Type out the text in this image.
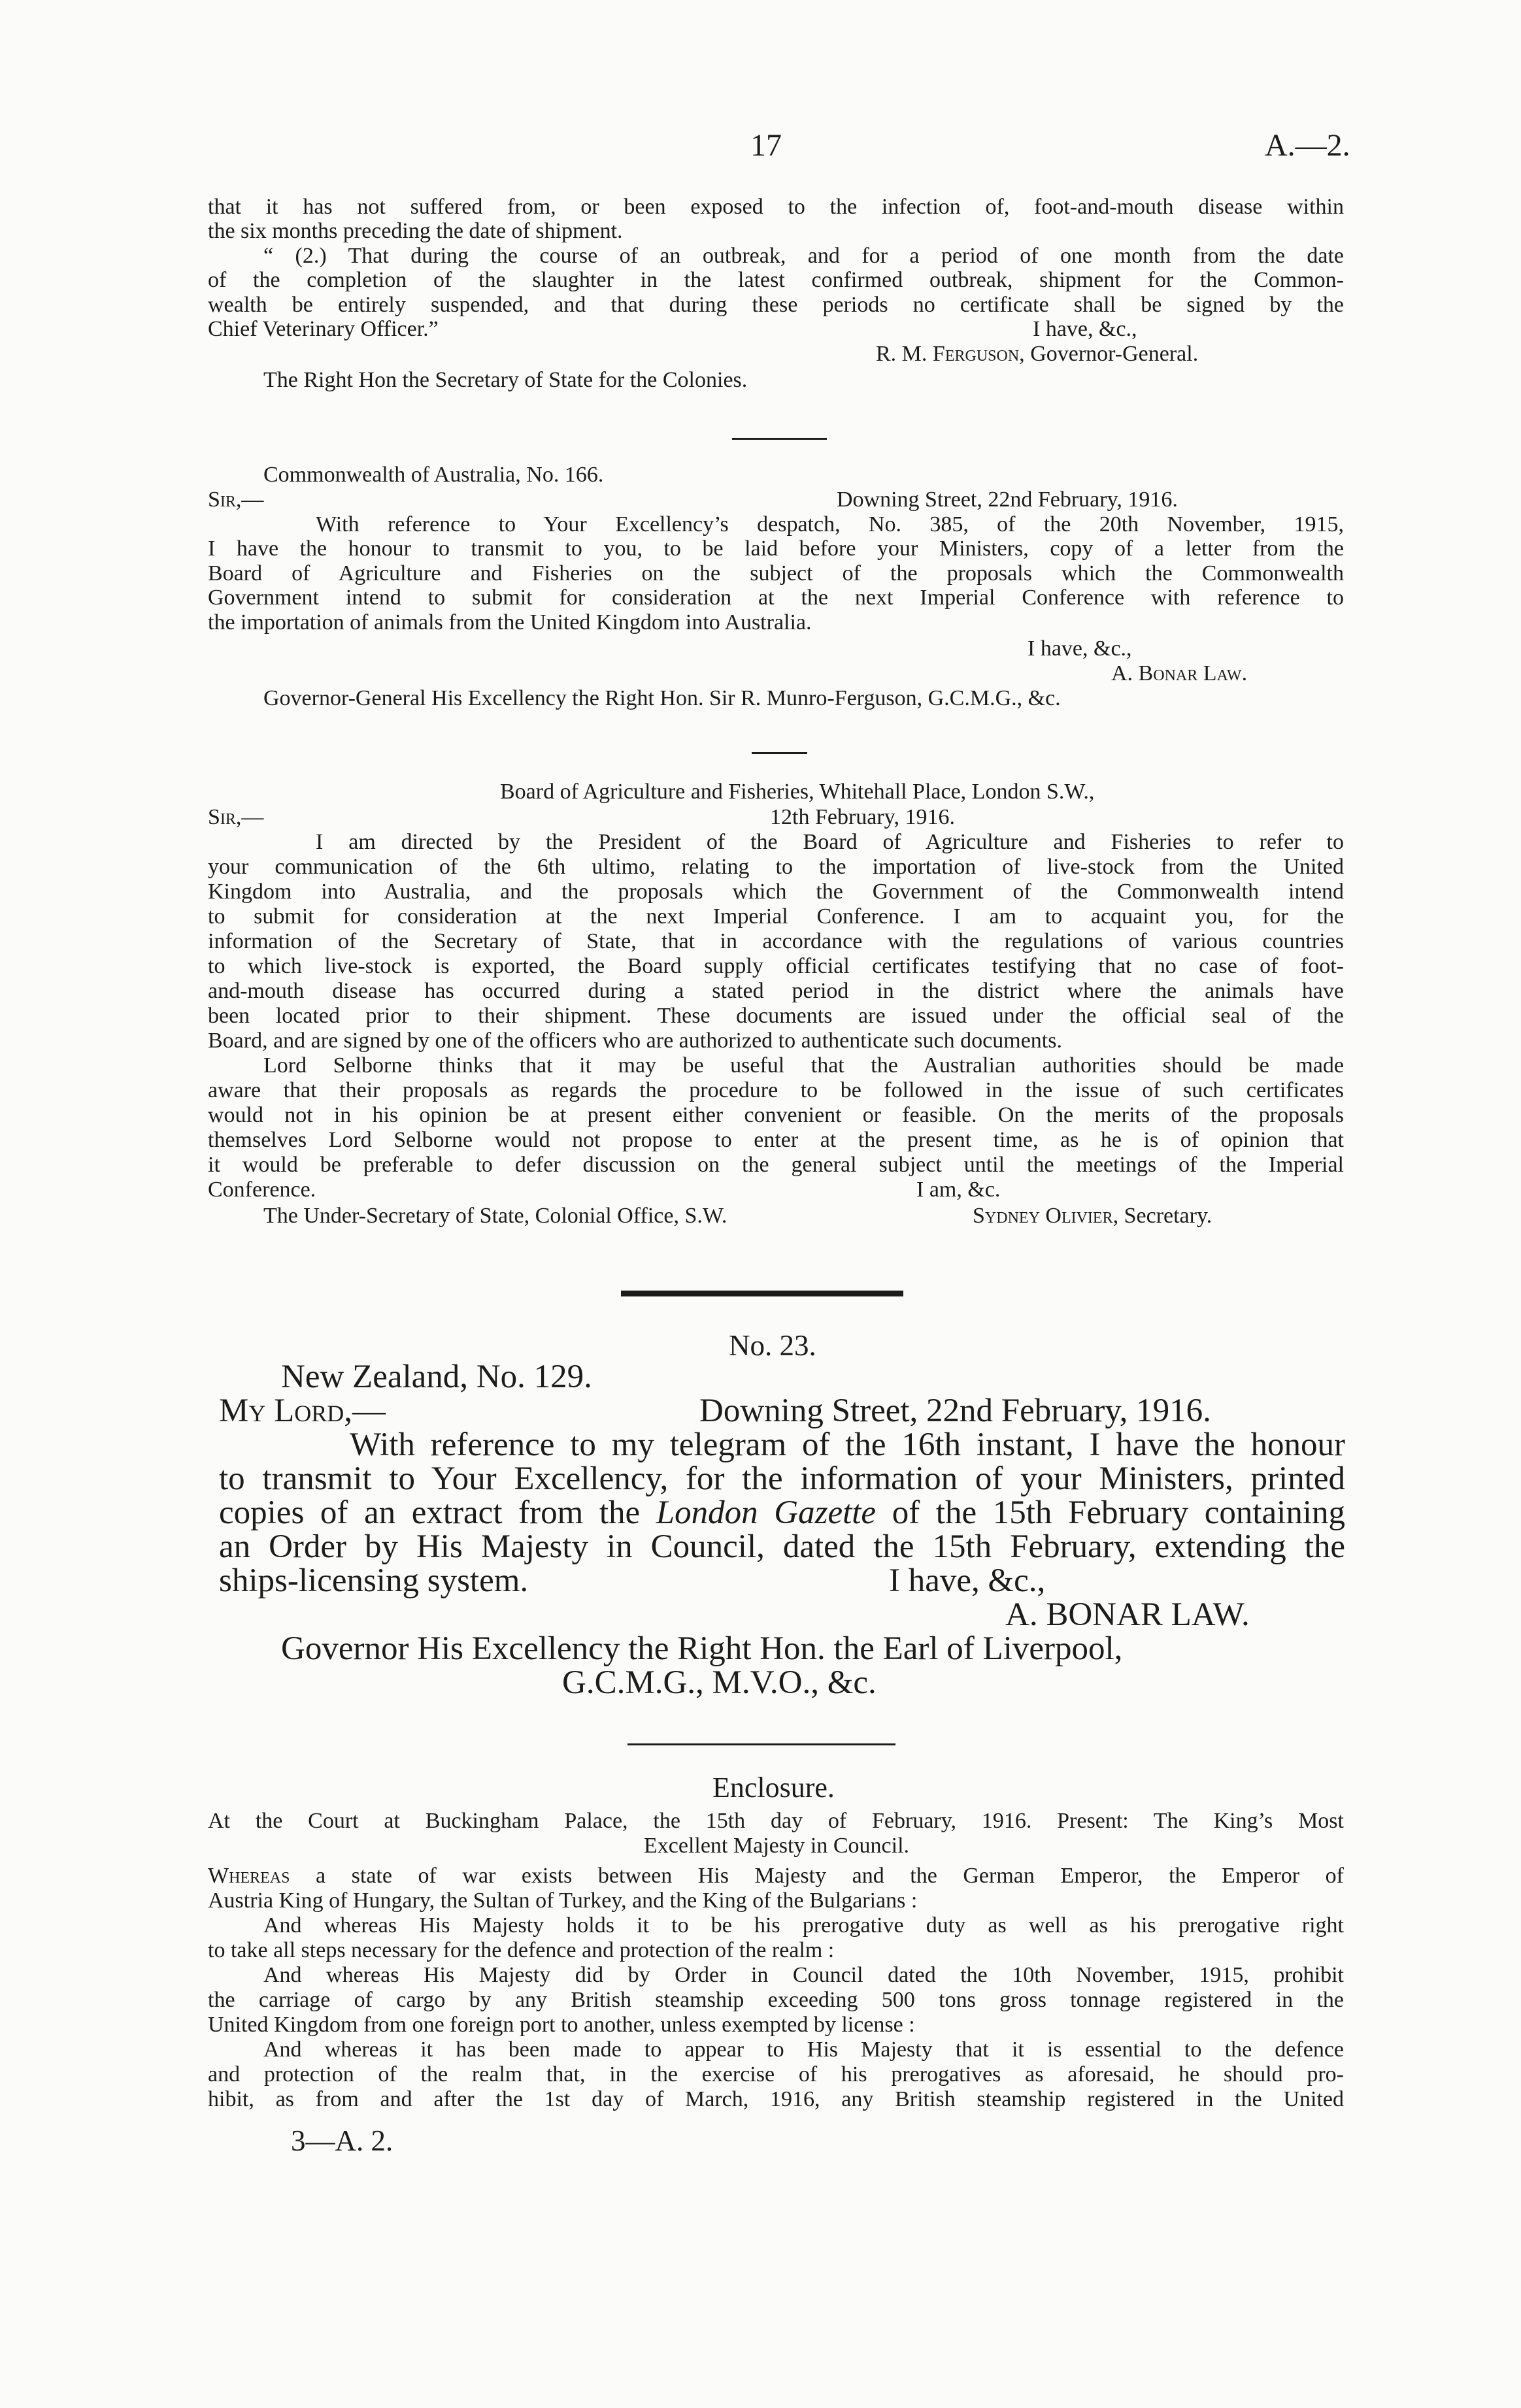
17	A.—2.
that it has not suffered from, or been exposed to the infection of, foot-and-mouth disease within
the six months preceding the date of shipment.
“ (2.) That during the course of an outbreak, and for a period of one month from the date
of the completion of the slaughter in the latest confirmed outbreak, shipment for the Common-
wealth be entirely suspended, and that during these periods no certificate shall be signed by the
Chief Veterinary Officer.”	I have, &c.,
R. M. Ferguson, Governor-General.
The Right Hon the Secretary of State for the Colonies.
Commonwealth of Australia, No. 166.
Sir,—	Downing Street, 22nd February, 1916.
With reference to Your Excellency’s despatch, No. 385, of the 20th November, 1915,
I have the honour to transmit to you, to be laid before your Ministers, copy of a letter from the
Board of Agriculture and Fisheries on the subject of the proposals which the Commonwealth
Government intend to submit for consideration at the next Imperial Conference with reference to
the importation of animals from the United Kingdom into Australia.
I have, &c.,
A. Bonar Law.
Governor-General His Excellency the Right Hon. Sir R. Munro-Ferguson, G.C.M.G., &c.
Board of Agriculture and Fisheries, Whitehall Place, London S.W.,
Sir,—	12th February, 1916.
I am directed by the President of the Board of Agriculture and Fisheries to refer to
your communication of the 6th ultimo, relating to the importation of live-stock from the United
Kingdom into Australia, and the proposals which the Government of the Commonwealth intend
to submit for consideration at the next Imperial Conference. I am to acquaint you, for the
information of the Secretary of State, that in accordance with the regulations of various countries
to which live-stock is exported, the Board supply official certificates testifying that no case of foot-
and-mouth disease has occurred during a stated period in the district where the animals have
been located prior to their shipment. These documents are issued under the official seal of the
Board, and are signed by one of the officers who are authorized to authenticate such documents.
Lord Selborne thinks that it may be useful that the Australian authorities should be made
aware that their proposals as regards the procedure to be followed in the issue of such certificates
would not in his opinion be at present either convenient or feasible. On the merits of the proposals
themselves Lord Selborne would not propose to enter at the present time, as he is of opinion that
it would be preferable to defer discussion on the general subject until the meetings of the Imperial
Conference.	I am, &c.
The Under-Secretary of State, Colonial Office, S.W.	Sydney Olivier, Secretary.
No. 23.
New Zealand, No. 129.
My Lord,—	Downing Street, 22nd February, 1916.
With reference to my telegram of the 16th instant, I have the honour
to transmit to Your Excellency, for the information of your Ministers, printed
copies of an extract from the London Gazette of the 15th February containing
an Order by His Majesty in Council, dated the 15th February, extending the
ships-licensing system.	I have, &c.,
A. BONAR LAW.
Governor His Excellency the Right Hon. the Earl of Liverpool,
G.C.M.G., M.V.O., &c.
Enclosure.
At the Court at Buckingham Palace, the 15th day of February, 1916. Present: The King’s Most
Excellent Majesty in Council.
Whereas a state of war exists between His Majesty and the German Emperor, the Emperor of
Austria King of Hungary, the Sultan of Turkey, and the King of the Bulgarians :
And whereas His Majesty holds it to be his prerogative duty as well as his prerogative right
to take all steps necessary for the defence and protection of the realm :
And whereas His Majesty did by Order in Council dated the 10th November, 1915, prohibit
the carriage of cargo by any British steamship exceeding 500 tons gross tonnage registered in the
United Kingdom from one foreign port to another, unless exempted by license :
And whereas it has been made to appear to His Majesty that it is essential to the defence
and protection of the realm that, in the exercise of his prerogatives as aforesaid, he should pro-
hibit, as from and after the 1st day of March, 1916, any British steamship registered in the United
3—A. 2.
